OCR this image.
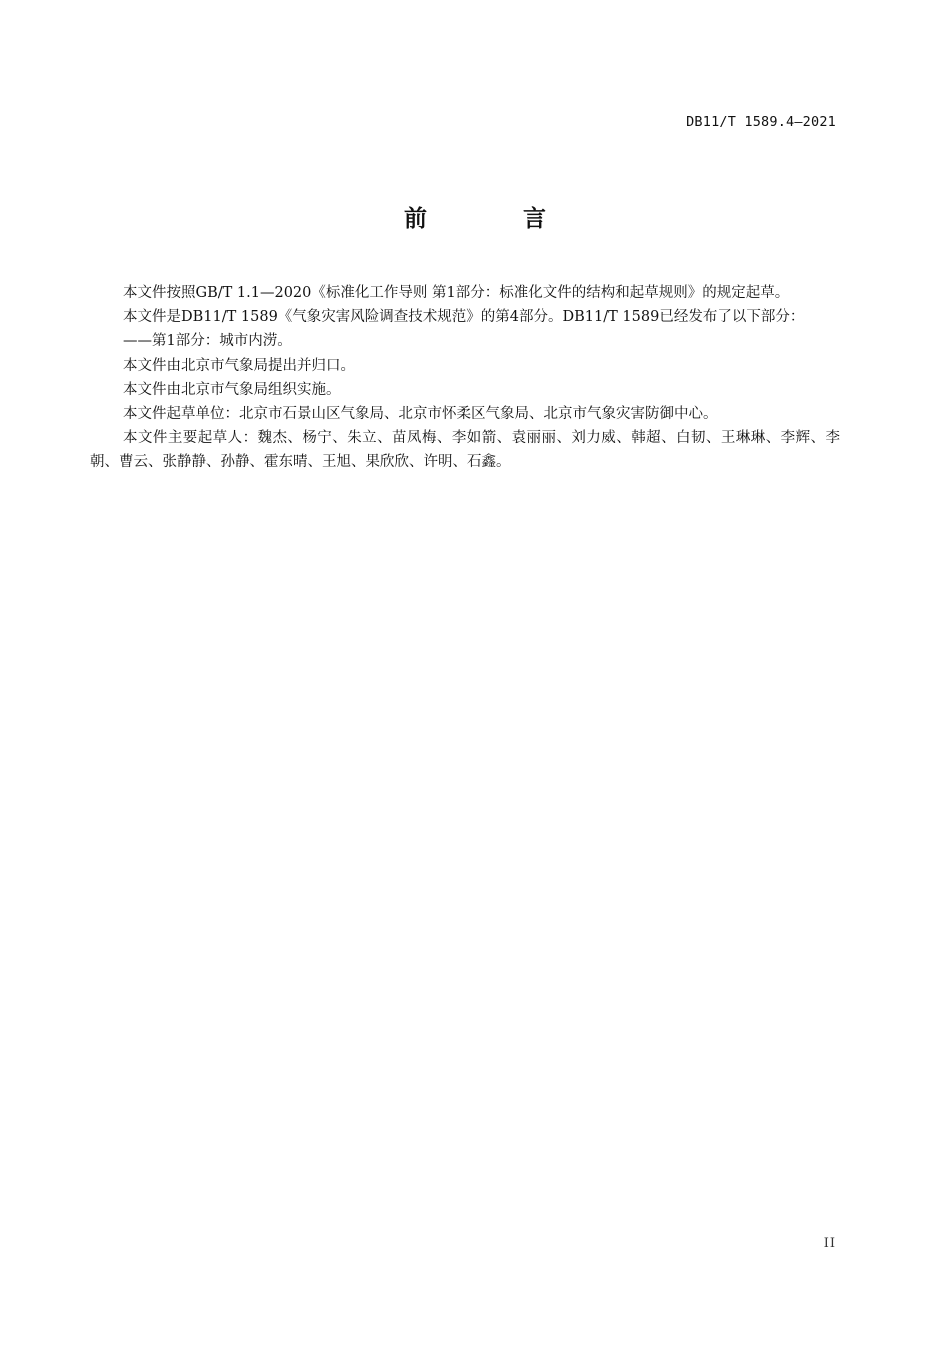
DB11/T 1589.4—2021
前 言

本文件按照GB/T 1.1—2020《标准化工作导则 第1部分：标准化文件的结构和起草规则》的规定起草。

本文件是DB11/T 1589《气象灾害风险调查技术规范》的第4部分。DB11/T 1589已经发布了以下部分：

——第1部分：城市内涝。

本文件由北京市气象局提出并归口。

本文件由北京市气象局组织实施。

本文件起草单位：北京市石景山区气象局、北京市怀柔区气象局、北京市气象灾害防御中心。

本文件主要起草人：魏杰、杨宁、朱立、苗凤梅、李如箭、袁丽丽、刘力威、韩超、白韧、王琳琳、李辉、李朝、曹云、张静静、孙静、霍东晴、王旭、果欣欣、许明、石鑫。

II
